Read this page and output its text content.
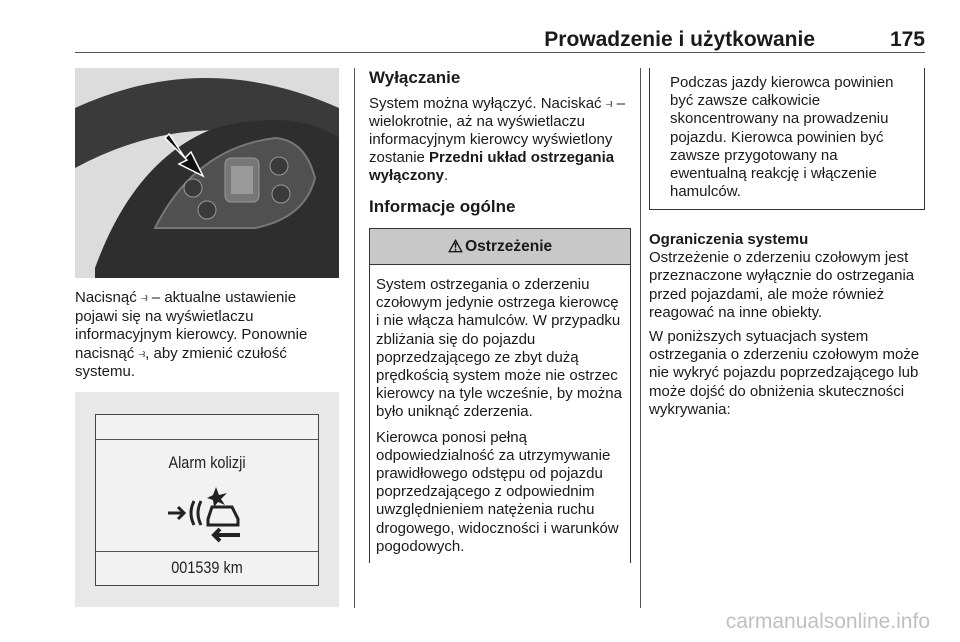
Prowadzenie i użytkowanie	175
Nacisnąć ⥽ – aktualne ustawienie pojawi się na wyświetlaczu informacyjnym kierowcy. Ponownie nacisnąć ⥽, aby zmienić czułość systemu.
Alarm kolizji
001539 km
Wyłączanie

System można wyłączyć. Naciskać ⥽ – wielokrotnie, aż na wyświetlaczu informacyjnym kierowcy wyświetlony zostanie Przedni układ ostrzegania wyłączony.

Informacje ogólne
⚠ Ostrzeżenie

System ostrzegania o zderzeniu czołowym jedynie ostrzega kierowcę i nie włącza hamulców. W przypadku zbliżania się do pojazdu poprzedzającego ze zbyt dużą prędkością system może nie ostrzec kierowcy na tyle wcześnie, by można było uniknąć zderzenia.

Kierowca ponosi pełną odpowiedzialność za utrzymywanie prawidłowego odstępu od pojazdu poprzedzającego z odpowiednim uwzględnieniem natężenia ruchu drogowego, widoczności i warunków pogodowych.

Podczas jazdy kierowca powinien być zawsze całkowicie skoncentrowany na prowadzeniu pojazdu. Kierowca powinien być zawsze przygotowany na ewentualną reakcję i włączenie hamulców.
Ograniczenia systemu

Ostrzeżenie o zderzeniu czołowym jest przeznaczone wyłącznie do ostrzegania przed pojazdami, ale może również reagować na inne obiekty.

W poniższych sytuacjach system ostrzegania o zderzeniu czołowym może nie wykryć pojazdu poprzedzającego lub może dojść do obniżenia skuteczności wykrywania:

carmanualsonline.info
